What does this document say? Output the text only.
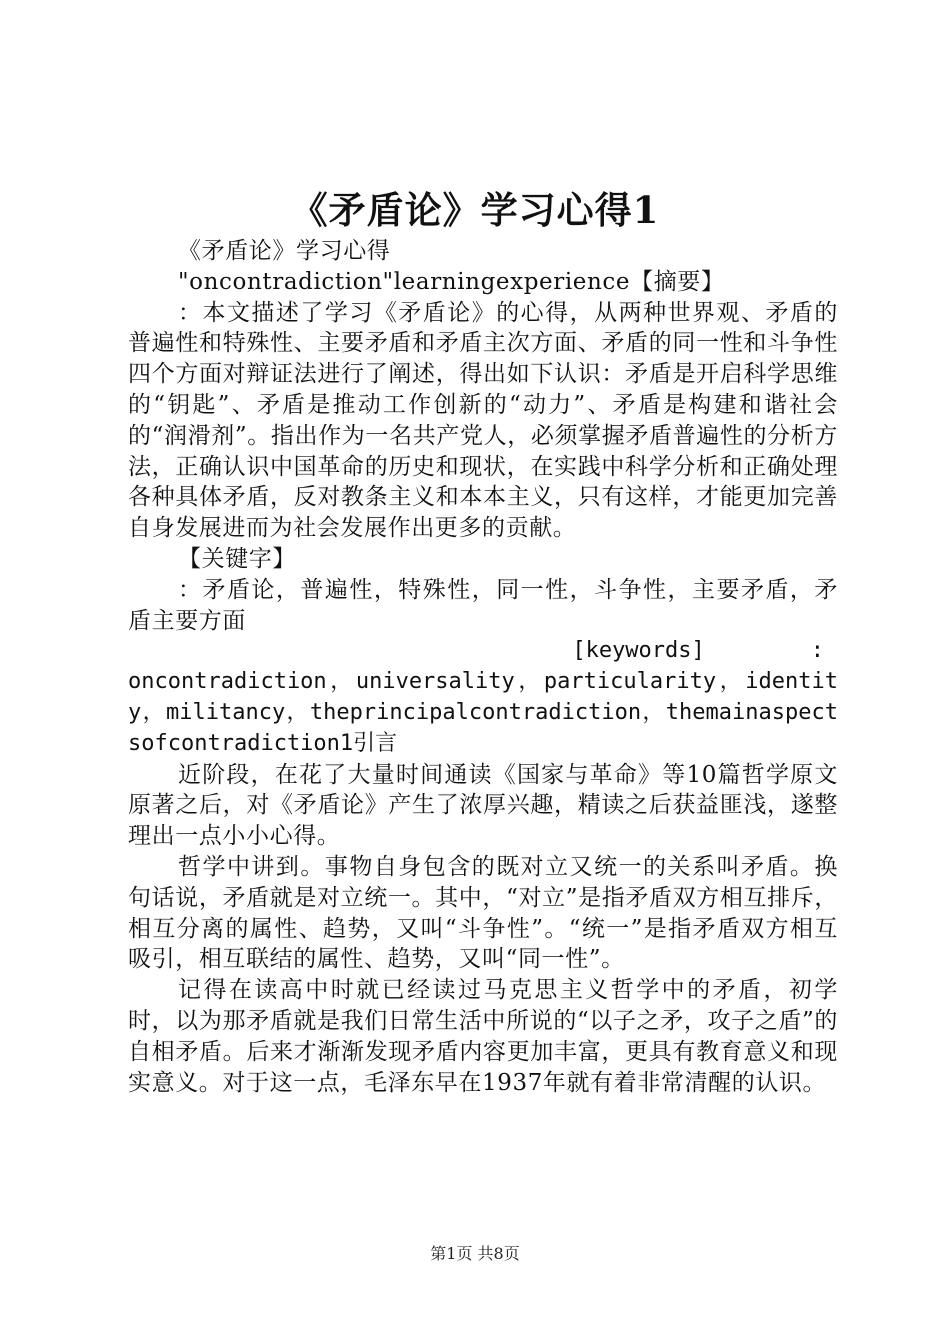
《矛盾论》学习心得1

《矛盾论》学习心得

"oncontradiction"learningexperience【摘要】

：本文描述了学习《矛盾论》的心得，从两种世界观、矛盾的普遍性和特殊性、主要矛盾和矛盾主次方面、矛盾的同一性和斗争性四个方面对辩证法进行了阐述，得出如下认识：矛盾是开启科学思维的“钥匙”、矛盾是推动工作创新的“动力”、矛盾是构建和谐社会的“润滑剂”。指出作为一名共产党人，必须掌握矛盾普遍性的分析方法，正确认识中国革命的历史和现状，在实践中科学分析和正确处理各种具体矛盾，反对教条主义和本本主义，只有这样，才能更加完善自身发展进而为社会发展作出更多的贡献。

【关键字】

：矛盾论，普遍性，特殊性，同一性，斗争性，主要矛盾，矛盾主要方面

[keywords]        :

oncontradiction，universality，particularity，identity，militancy，theprincipalcontradiction，themainaspectsofcontradiction1引言

近阶段，在花了大量时间通读《国家与革命》等10篇哲学原文原著之后，对《矛盾论》产生了浓厚兴趣，精读之后获益匪浅，遂整理出一点小小心得。

哲学中讲到。事物自身包含的既对立又统一的关系叫矛盾。换句话说，矛盾就是对立统一。其中，“对立”是指矛盾双方相互排斥，相互分离的属性、趋势，又叫“斗争性”。“统一”是指矛盾双方相互吸引，相互联结的属性、趋势，又叫“同一性”。

记得在读高中时就已经读过马克思主义哲学中的矛盾，初学时，以为那矛盾就是我们日常生活中所说的“以子之矛，攻子之盾”的自相矛盾。后来才渐渐发现矛盾内容更加丰富，更具有教育意义和现实意义。对于这一点，毛泽东早在1937年就有着非常清醒的认识。

第1页 共8页
